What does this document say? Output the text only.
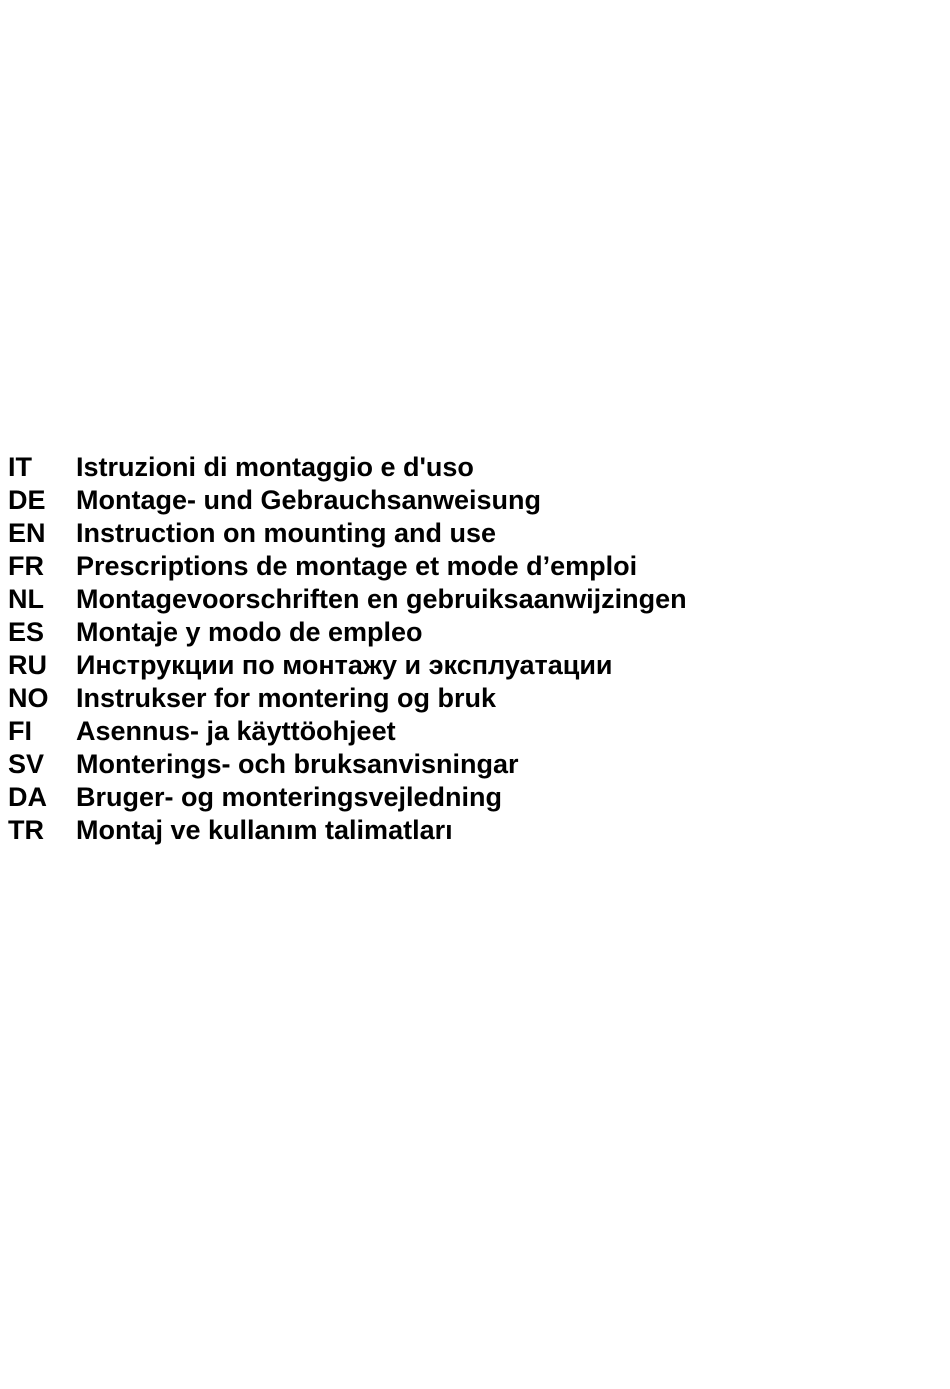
IT	Istruzioni di montaggio e d'uso
DE	Montage- und Gebrauchsanweisung
EN	Instruction on mounting and use
FR	Prescriptions de montage et mode d’emploi
NL	Montagevoorschriften en gebruiksaanwijzingen
ES	Montaje y modo de empleo
RU	Инструкции по монтажу и эксплуатации
NO	Instrukser for montering og bruk
FI	Asennus- ja käyttöohjeet
SV	Monterings- och bruksanvisningar
DA	Bruger- og monteringsvejledning
TR	Montaj ve kullanım talimatları
